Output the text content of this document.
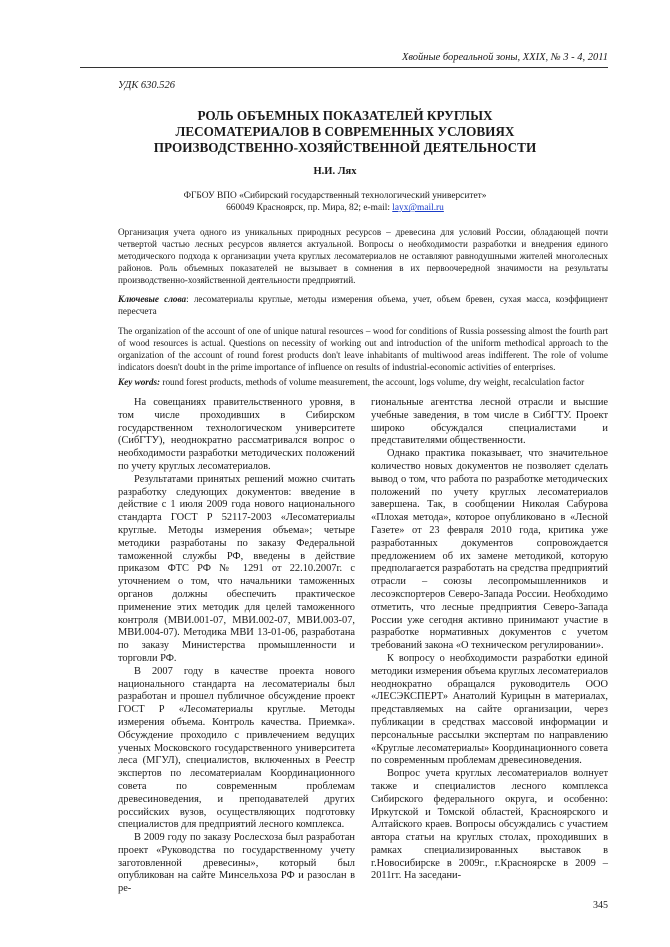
Хвойные бореальной зоны, XXIX, № 3 - 4, 2011
УДК 630.526
РОЛЬ ОБЪЕМНЫХ ПОКАЗАТЕЛЕЙ КРУГЛЫХ
ЛЕСОМАТЕРИАЛОВ В СОВРЕМЕННЫХ УСЛОВИЯХ
ПРОИЗВОДСТВЕННО-ХОЗЯЙСТВЕННОЙ ДЕЯТЕЛЬНОСТИ
Н.И. Лях
ФГБОУ ВПО «Сибирский государственный технологический университет»
660049 Красноярск, пр. Мира, 82; e-mail: layx@mail.ru
Организация учета одного из уникальных природных ресурсов – древесина для условий России, обладающей почти четвертой частью лесных ресурсов является актуальной. Вопросы о необходимости разработки и внедрения единого методического подхода к организации учета круглых лесоматериалов не оставляют равнодушными жителей многолесных районов. Роль объемных показателей не вызывает в сомнения в их первоочередной значимости на результаты производственно-хозяйственной деятельности предприятий.
Ключевые слова: лесоматериалы круглые, методы измерения объема, учет, объем бревен, сухая масса, коэффициент пересчета
The organization of the account of one of unique natural resources – wood for conditions of Russia possessing almost the fourth part of wood resources is actual. Questions on necessity of working out and introduction of the uniform methodical approach to the organization of the account of round forest products don't leave inhabitants of multiwood areas indifferent. The role of volume indicators doesn't doubt in the prime importance of influence on results of industrial-economic activities of enterprises.
Key words: round forest products, methods of volume measurement, the account, logs volume, dry weight, recalculation factor

На совещаниях правительственного уровня, в том числе проходивших в Сибирском государственном технологическом университете (СибГТУ), неоднократно рассматривался вопрос о необходимости разработки методических положений по учету круглых лесоматериалов.

Результатами принятых решений можно считать разработку следующих документов: введение в действие с 1 июля 2009 года нового национального стандарта ГОСТ Р 52117-2003 «Лесоматериалы круглые. Методы измерения объема»; четыре методики разработаны по заказу Федеральной таможенной службы РФ, введены в действие приказом ФТС РФ № 1291 от 22.10.2007г. с уточнением о том, что начальники таможенных органов должны обеспечить практическое применение этих методик для целей таможенного контроля (МВИ.001-07, МВИ.002-07, МВИ.003-07, МВИ.004-07). Методика МВИ 13-01-06, разработана по заказу Министерства промышленности и торговли РФ.

В 2007 году в качестве проекта нового национального стандарта на лесоматериалы был разработан и прошел публичное обсуждение проект ГОСТ Р «Лесоматериалы круглые. Методы измерения объема. Контроль качества. Приемка». Обсуждение проходило с привлечением ведущих ученых Московского государственного университета леса (МГУЛ), специалистов, включенных в Реестр экспертов по лесоматериалам Координационного совета по современным проблемам древесиноведения, и преподавателей других российских вузов, осуществляющих подготовку специалистов для предприятий лесного комплекса.

В 2009 году по заказу Рослесхоза был разработан проект «Руководства по государственному учету заготовленной древесины», который был опубликован на сайте Минсельхоза РФ и разослан в ре-

гиональные агентства лесной отрасли и высшие учебные заведения, в том числе в СибГТУ. Проект широко обсуждался специалистами и представителями общественности.

Однако практика показывает, что значительное количество новых документов не позволяет сделать вывод о том, что работа по разработке методических положений по учету круглых лесоматериалов завершена. Так, в сообщении Николая Сабурова «Плохая метода», которое опубликовано в «Лесной Газете» от 23 февраля 2010 года, критика уже разработанных документов сопровождается предложением об их замене методикой, которую предполагается разработать на средства предприятий отрасли – союзы лесопромышленников и лесоэкспортеров Северо-Запада России. Необходимо отметить, что лесные предприятия Северо-Запада России уже сегодня активно принимают участие в разработке нормативных документов с учетом требований закона «О техническом регулировании».

К вопросу о необходимости разработки единой методики измерения объема круглых лесоматериалов неоднократно обращался руководитель ООО «ЛЕСЭКСПЕРТ» Анатолий Курицын в материалах, представляемых на сайте организации, через публикации в средствах массовой информации и персональные рассылки экспертам по направлению «Круглые лесоматериалы» Координационного совета по современным проблемам древесиноведения.

Вопрос учета круглых лесоматериалов волнует также и специалистов лесного комплекса Сибирского федерального округа, и особенно: Иркутской и Томской областей, Красноярского и Алтайского краев. Вопросы обсуждались с участием автора статьи на круглых столах, проходивших в рамках специализированных выставок в г.Новосибирске в 2009г., г.Красноярске в 2009 – 2011гг. На заседани-

345
